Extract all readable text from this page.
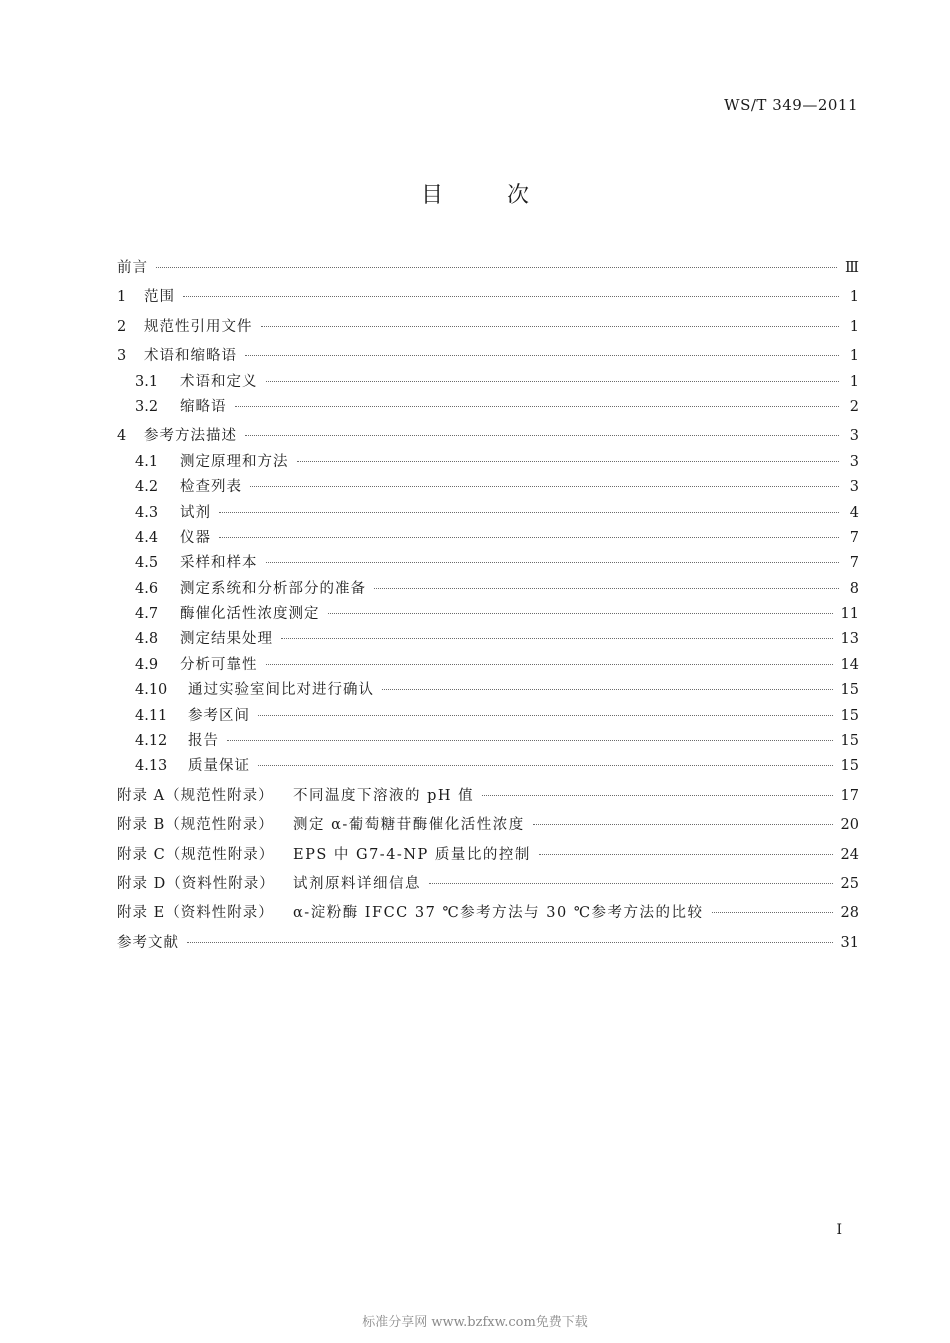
WS/T 349—2011
目次
前言	Ⅲ
1	范围	1
2	规范性引用文件	1
3	术语和缩略语	1
3.1	术语和定义	1
3.2	缩略语	2
4	参考方法描述	3
4.1	测定原理和方法	3
4.2	检查列表	3
4.3	试剂	4
4.4	仪器	7
4.5	采样和样本	7
4.6	测定系统和分析部分的准备	8
4.7	酶催化活性浓度测定	11
4.8	测定结果处理	13
4.9	分析可靠性	14
4.10	通过实验室间比对进行确认	15
4.11	参考区间	15
4.12	报告	15
4.13	质量保证	15
附录 A（规范性附录）	不同温度下溶液的 pH 值	17
附录 B（规范性附录）	测定 α-葡萄糖苷酶催化活性浓度	20
附录 C（规范性附录）	EPS 中 G7-4-NP 质量比的控制	24
附录 D（资料性附录）	试剂原料详细信息	25
附录 E（资料性附录）	α-淀粉酶 IFCC 37 ℃参考方法与 30 ℃参考方法的比较	28
参考文献	31
I
标准分享网 www.bzfxw.com免费下载
